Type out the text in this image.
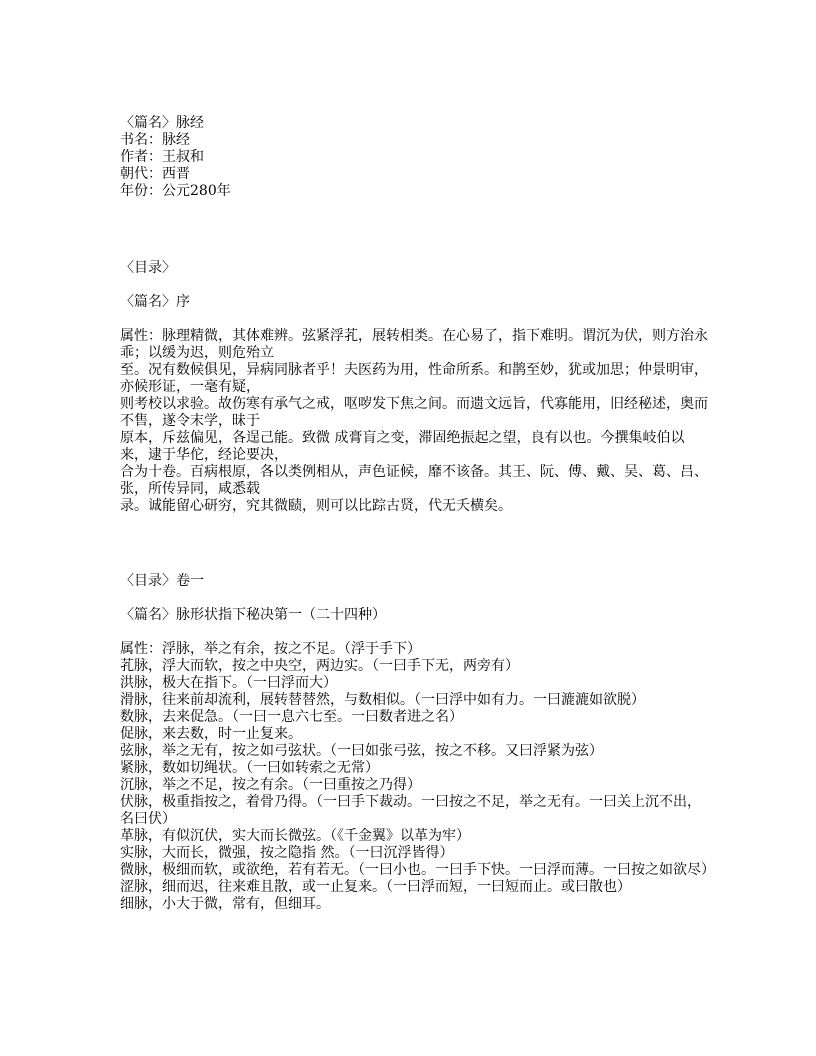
〈篇名〉脉经

书名：脉经

作者：王叔和

朝代：西晋

年份：公元280年

〈目录〉

〈篇名〉序

属性：脉理精微，其体难辨。弦紧浮芤，展转相类。在心易了，指下难明。谓沉为伏，则方治永乖；以缓为迟，则危殆立

至。况有数候俱见，异病同脉者乎！夫医药为用，性命所系。和鹊至妙，犹或加思；仲景明审，亦候形证，一毫有疑，

则考校以求验。故伤寒有承气之戒，呕哕发下焦之间。而遗文远旨，代寡能用，旧经秘述，奥而不售，遂令末学，昧于

原本，斥兹偏见，各逞己能。致微 成膏肓之变，滞固绝振起之望，良有以也。今撰集岐伯以来，逮于华佗，经论要决，

合为十卷。百病根原，各以类例相从，声色证候，靡不该备。其王、阮、傅、戴、吴、葛、吕、张，所传异同，咸悉载

录。诚能留心研穷，究其微赜，则可以比踪古贤，代无夭横矣。

〈目录〉卷一

〈篇名〉脉形状指下秘决第一（二十四种）

属性：浮脉，举之有余，按之不足。（浮于手下）

芤脉，浮大而软，按之中央空，两边实。（一曰手下无，两旁有）

洪脉，极大在指下。（一曰浮而大）

滑脉，往来前却流利，展转替替然，与数相似。（一曰浮中如有力。一曰漉漉如欲脱）

数脉，去来促急。（一曰一息六七至。一曰数者进之名）

促脉，来去数，时一止复来。

弦脉，举之无有，按之如弓弦状。（一曰如张弓弦，按之不移。又曰浮紧为弦）

紧脉，数如切绳状。（一曰如转索之无常）

沉脉，举之不足，按之有余。（一曰重按之乃得）

伏脉，极重指按之，着骨乃得。（一曰手下裁动。一曰按之不足，举之无有。一曰关上沉不出，名曰伏）

革脉，有似沉伏，实大而长微弦。（《千金翼》以革为牢）

实脉，大而长，微强，按之隐指 然。（一曰沉浮皆得）

微脉，极细而软，或欲绝，若有若无。（一曰小也。一曰手下快。一曰浮而薄。一曰按之如欲尽）

涩脉，细而迟，往来难且散，或一止复来。（一曰浮而短，一曰短而止。或曰散也）

细脉，小大于微，常有，但细耳。
